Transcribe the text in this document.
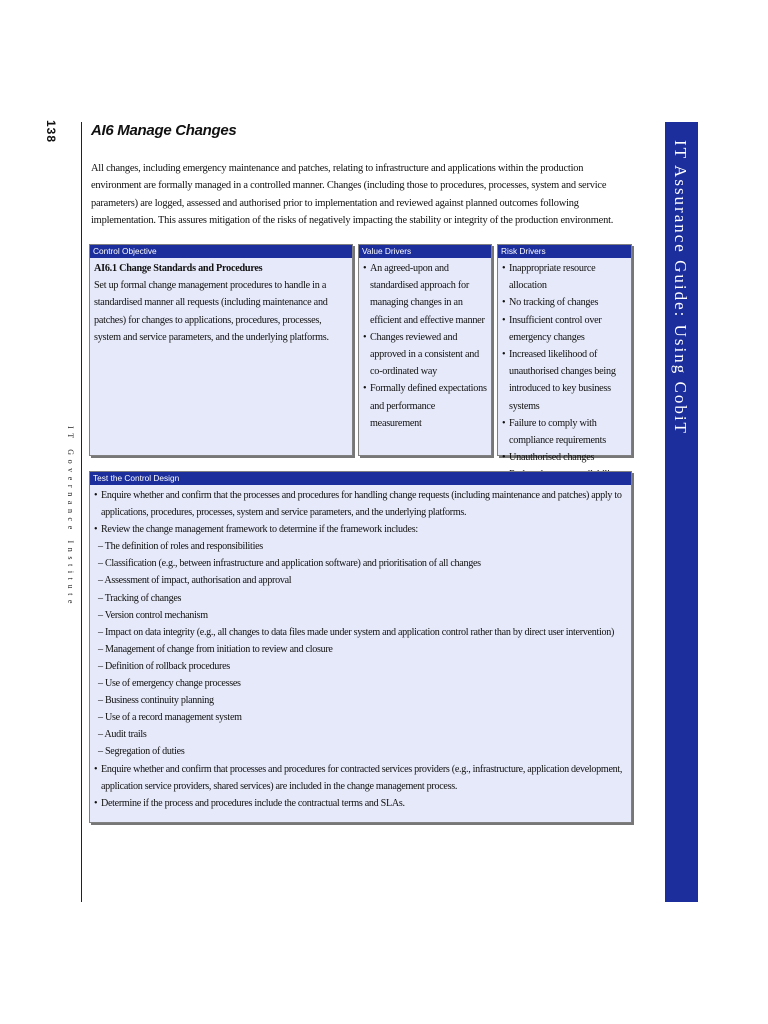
138
IT Governance Institute
IT Assurance Guide: Using CobiT
AI6 Manage Changes
All changes, including emergency maintenance and patches, relating to infrastructure and applications within the production environment are formally managed in a controlled manner. Changes (including those to procedures, processes, system and service parameters) are logged, assessed and authorised prior to implementation and reviewed against planned outcomes following implementation. This assures mitigation of the risks of negatively impacting the stability or integrity of the production environment.
Control Objective
AI6.1 Change Standards and Procedures
Set up formal change management procedures to handle in a standardised manner all requests (including maintenance and patches) for changes to applications, procedures, processes, system and service parameters, and the underlying platforms.
Value Drivers
• An agreed-upon and standardised approach for managing changes in an efficient and effective manner
• Changes reviewed and approved in a consistent and co-ordinated way
• Formally defined expectations and performance measurement
Risk Drivers
• Inappropriate resource allocation
• No tracking of changes
• Insufficient control over emergency changes
• Increased likelihood of unauthorised changes being introduced to key business systems
• Failure to comply with compliance requirements
• Unauthorised changes
Test the Control Design
• Enquire whether and confirm that the processes and procedures for handling change requests (including maintenance and patches) apply to applications, procedures, processes, system and service parameters, and the underlying platforms.
• Review the change management framework to determine if the framework includes:
– The definition of roles and responsibilities
– Classification (e.g., between infrastructure and application software) and prioritisation of all changes
– Assessment of impact, authorisation and approval
– Tracking of changes
– Version control mechanism
– Impact on data integrity (e.g., all changes to data files made under system and application control rather than by direct user intervention)
– Management of change from initiation to review and closure
– Definition of rollback procedures
– Use of emergency change processes
– Business continuity planning
– Use of a record management system
– Audit trails
– Segregation of duties
• Enquire whether and confirm that processes and procedures for contracted services providers (e.g., infrastructure, application development, application service providers, shared services) are included in the change management process.
• Determine if the process and procedures include the contractual terms and SLAs.
